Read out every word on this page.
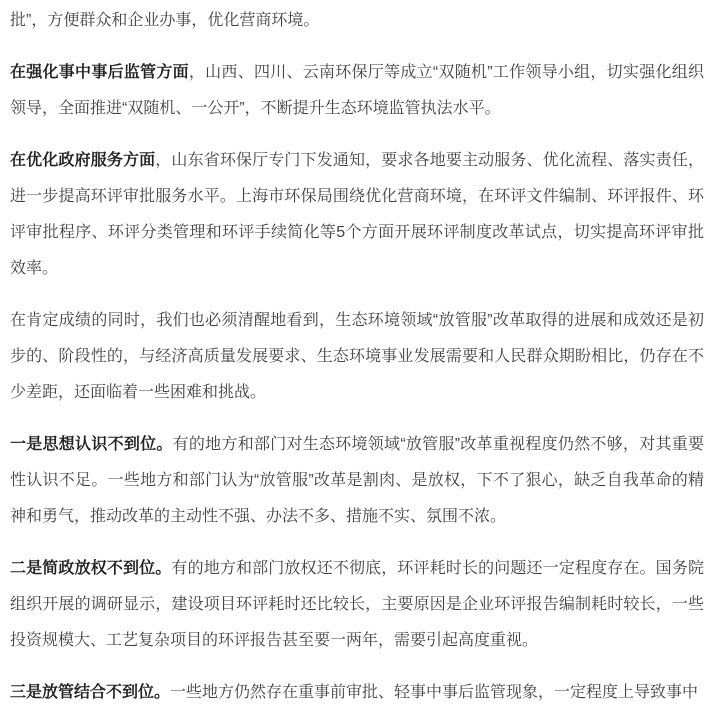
批”，方便群众和企业办事，优化营商环境。

在强化事中事后监管方面，山西、四川、云南环保厅等成立“双随机”工作领导小组，切实强化组织领导，全面推进“双随机、一公开”，不断提升生态环境监管执法水平。

在优化政府服务方面，山东省环保厅专门下发通知，要求各地要主动服务、优化流程、落实责任，进一步提高环评审批服务水平。上海市环保局围绕优化营商环境，在环评文件编制、环评报件、环评审批程序、环评分类管理和环评手续简化等5个方面开展环评制度改革试点，切实提高环评审批效率。

在肯定成绩的同时，我们也必须清醒地看到，生态环境领域“放管服”改革取得的进展和成效还是初步的、阶段性的，与经济高质量发展要求、生态环境事业发展需要和人民群众期盼相比，仍存在不少差距，还面临着一些困难和挑战。

一是思想认识不到位。有的地方和部门对生态环境领域“放管服”改革重视程度仍然不够，对其重要性认识不足。一些地方和部门认为“放管服”改革是割肉、是放权，下不了狠心，缺乏自我革命的精神和勇气，推动改革的主动性不强、办法不多、措施不实、氛围不浓。

二是简政放权不到位。有的地方和部门放权还不彻底，环评耗时长的问题还一定程度存在。国务院组织开展的调研显示，建设项目环评耗时还比较长，主要原因是企业环评报告编制耗时较长，一些投资规模大、工艺复杂项目的环评报告甚至要一两年，需要引起高度重视。

三是放管结合不到位。一些地方仍然存在重事前审批、轻事中事后监管现象，一定程度上导致事中
